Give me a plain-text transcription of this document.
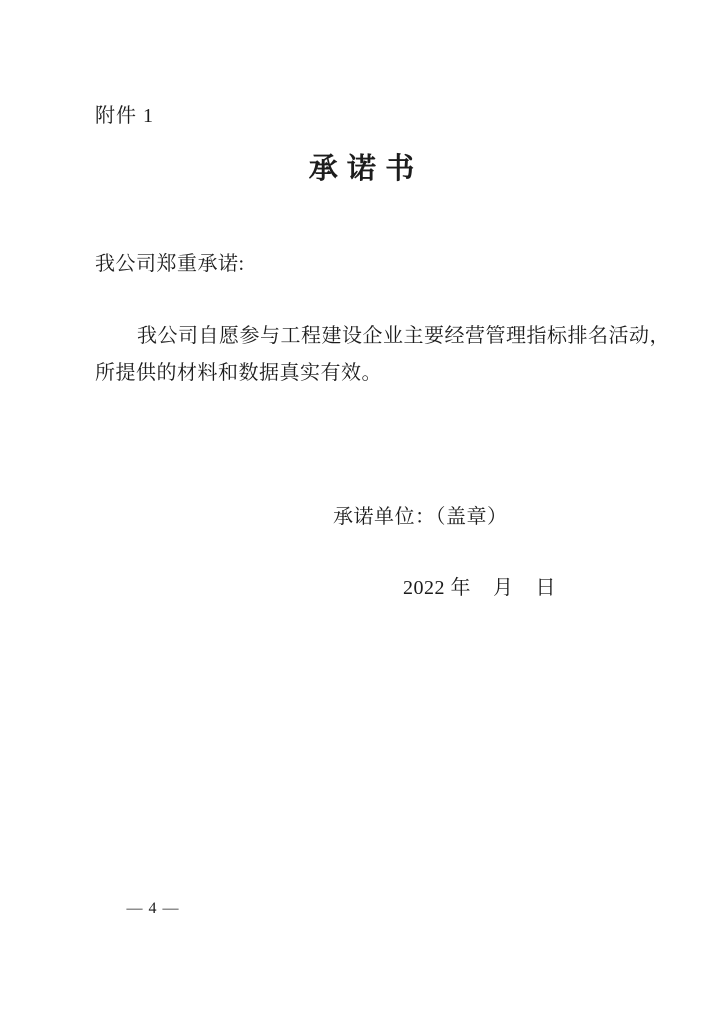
附件 1
承 诺 书
我公司郑重承诺:
我公司自愿参与工程建设企业主要经营管理指标排名活动，
所提供的材料和数据真实有效。
承诺单位：（盖章）
2022 年    月    日
— 4 —
